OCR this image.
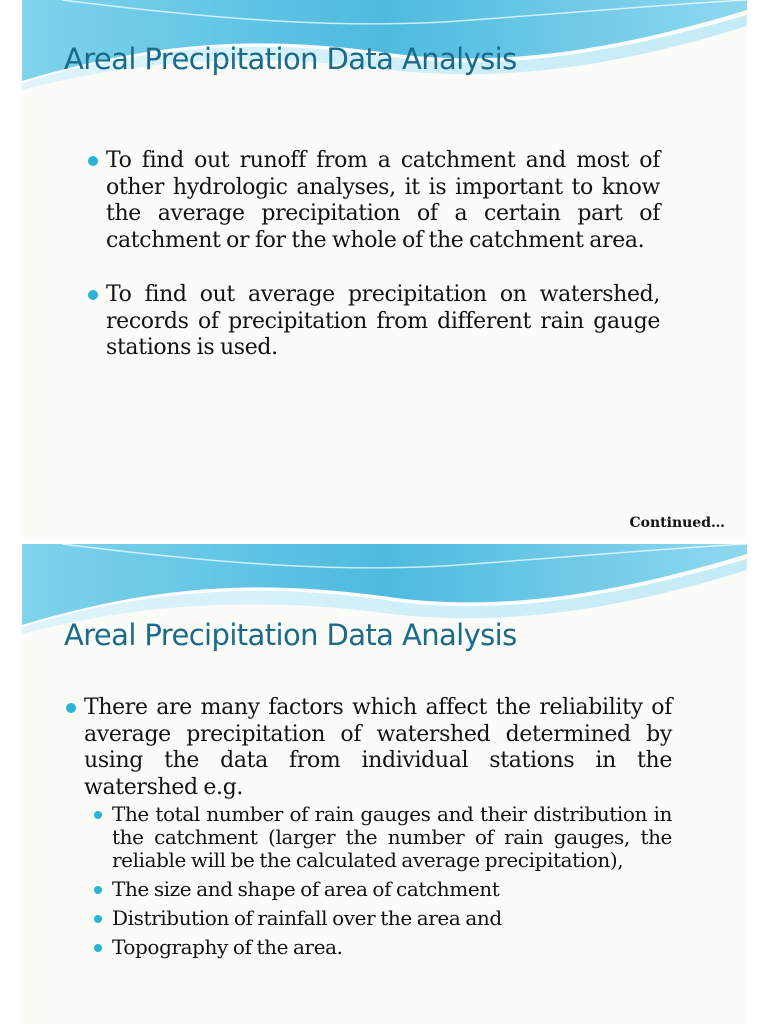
Areal Precipitation Data Analysis
To find out runoff from a catchment and most of other hydrologic analyses, it is important to know the average precipitation of a certain part of catchment or for the whole of the catchment area.
To find out average precipitation on watershed, records of precipitation from different rain gauge stations is used.
Continued…
Areal Precipitation Data Analysis
There are many factors which affect the reliability of average precipitation of watershed determined by using the data from individual stations in the watershed e.g.
The total number of rain gauges and their distribution in the catchment (larger the number of rain gauges, the reliable will be the calculated average precipitation),
The size and shape of area of catchment
Distribution of rainfall over the area and
Topography of the area.
